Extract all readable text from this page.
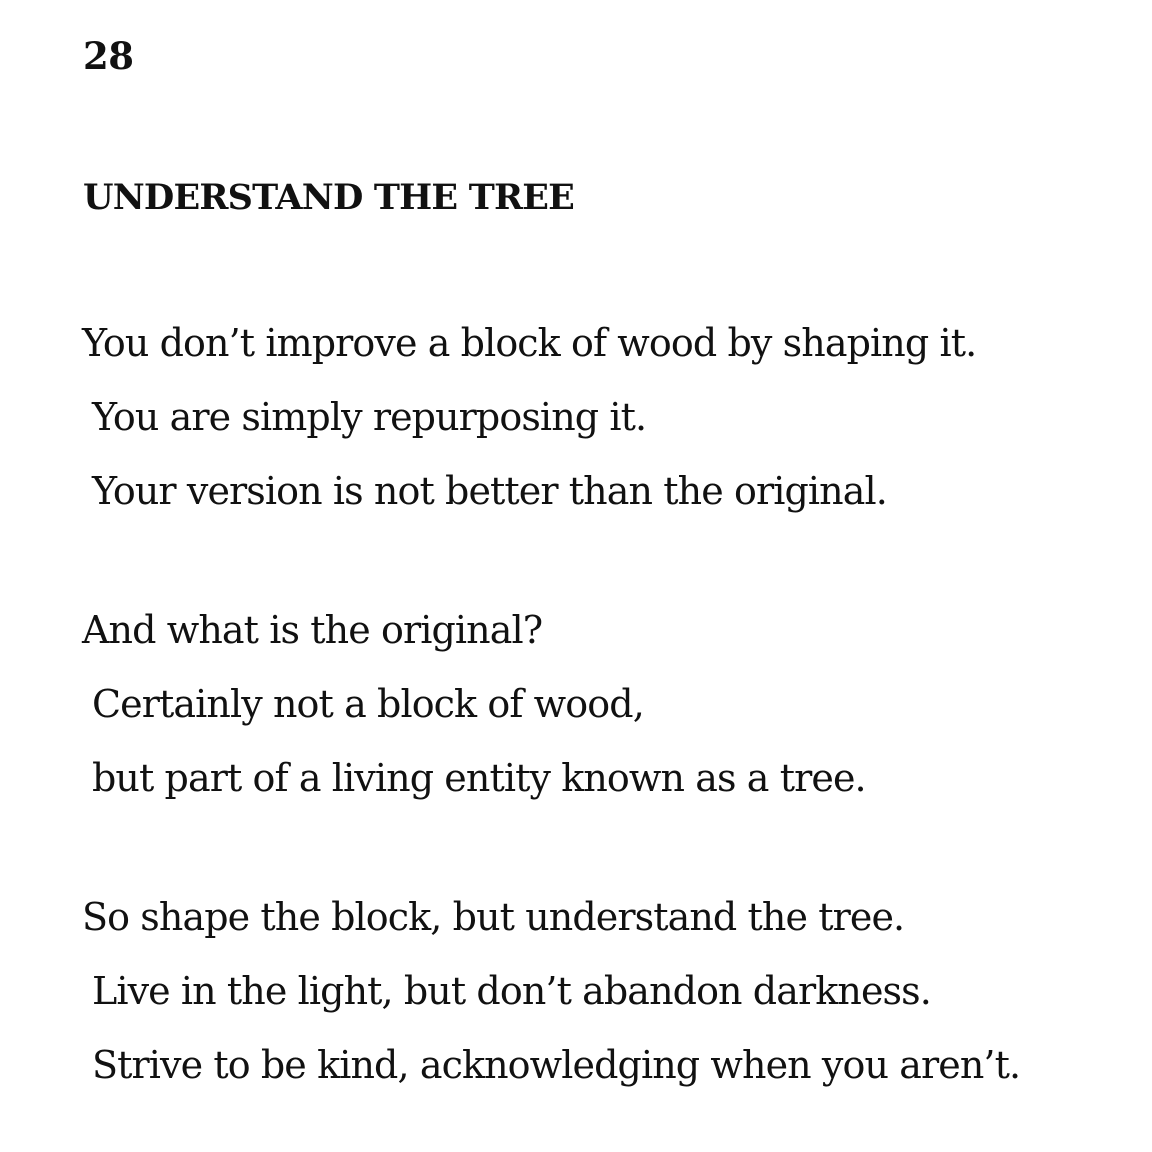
28
UNDERSTAND THE TREE
You don’t improve a block of wood by shaping it.
You are simply repurposing it.
Your version is not better than the original.
And what is the original?
Certainly not a block of wood,
but part of a living entity known as a tree.
So shape the block, but understand the tree.
Live in the light, but don’t abandon darkness.
Strive to be kind, acknowledging when you aren’t.
